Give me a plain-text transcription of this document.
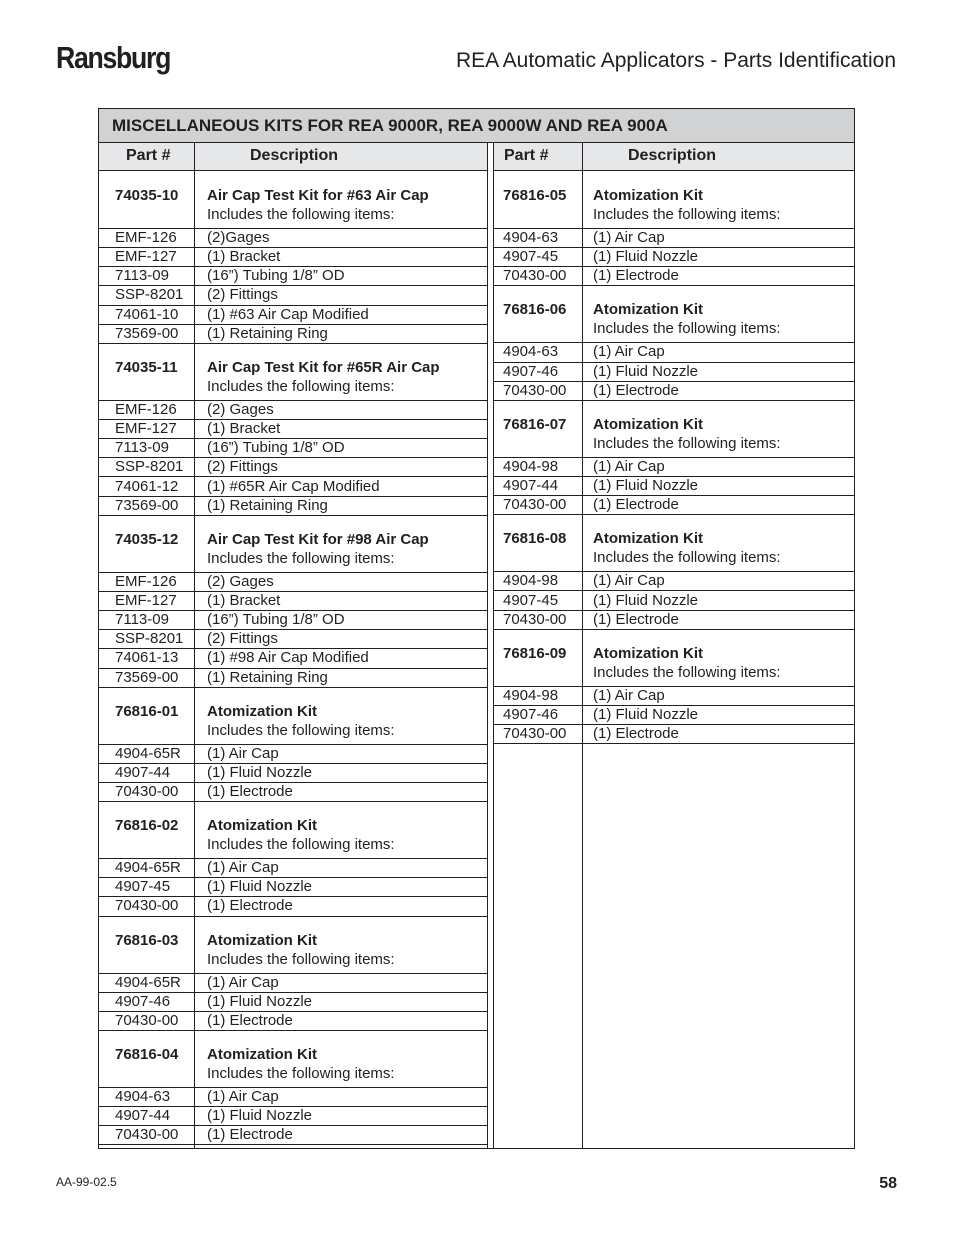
Ransburg	REA Automatic Applicators - Parts Identification
MISCELLANEOUS KITS FOR REA 9000R, REA 9000W AND REA 900A
Part #	Description
74035-10 Air Cap Test Kit for #63 Air Cap
Includes the following items:
EMF-126 (2)Gages
EMF-127 (1) Bracket
7113-09	(16”) Tubing 1/8” OD
SSP-8201 (2) Fittings
74061-10 (1) #63 Air Cap Modified
73569-00 (1) Retaining Ring
74035-11 Air Cap Test Kit for #65R Air Cap
Includes the following items:
EMF-126 (2) Gages
EMF-127 (1) Bracket
7113-09	(16”) Tubing 1/8” OD
SSP-8201 (2) Fittings
74061-12 (1) #65R Air Cap Modified
73569-00 (1) Retaining Ring
74035-12 Air Cap Test Kit for #98 Air Cap
Includes the following items:
EMF-126 (2) Gages
EMF-127 (1) Bracket
7113-09	(16”) Tubing 1/8” OD
SSP-8201 (2) Fittings
74061-13 (1) #98 Air Cap Modified
73569-00 (1) Retaining Ring
76816-01 Atomization Kit
Includes the following items:
4904-65R (1) Air Cap
4907-44 (1) Fluid Nozzle
70430-00 (1) Electrode
76816-02 Atomization Kit
Includes the following items:
4904-65R (1) Air Cap
4907-45 (1) Fluid Nozzle
70430-00 (1) Electrode
76816-03 Atomization Kit
Includes the following items:
4904-65R (1) Air Cap
4907-46 (1) Fluid Nozzle
70430-00 (1) Electrode
76816-04 Atomization Kit
Includes the following items:
4904-63 (1) Air Cap
4907-44 (1) Fluid Nozzle
70430-00 (1) Electrode
Part #	Description
76816-05 Atomization Kit
Includes the following items:
4904-63 (1) Air Cap
4907-45 (1) Fluid Nozzle
70430-00 (1) Electrode
76816-06 Atomization Kit
Includes the following items:
4904-63 (1) Air Cap
4907-46 (1) Fluid Nozzle
70430-00 (1) Electrode
76816-07 Atomization Kit
Includes the following items:
4904-98 (1) Air Cap
4907-44 (1) Fluid Nozzle
70430-00 (1) Electrode
76816-08 Atomization Kit
Includes the following items:
4904-98 (1) Air Cap
4907-45 (1) Fluid Nozzle
70430-00 (1) Electrode
76816-09 Atomization Kit
Includes the following items:
4904-98 (1) Air Cap
4907-46 (1) Fluid Nozzle
70430-00 (1) Electrode
AA-99-02.5	58
